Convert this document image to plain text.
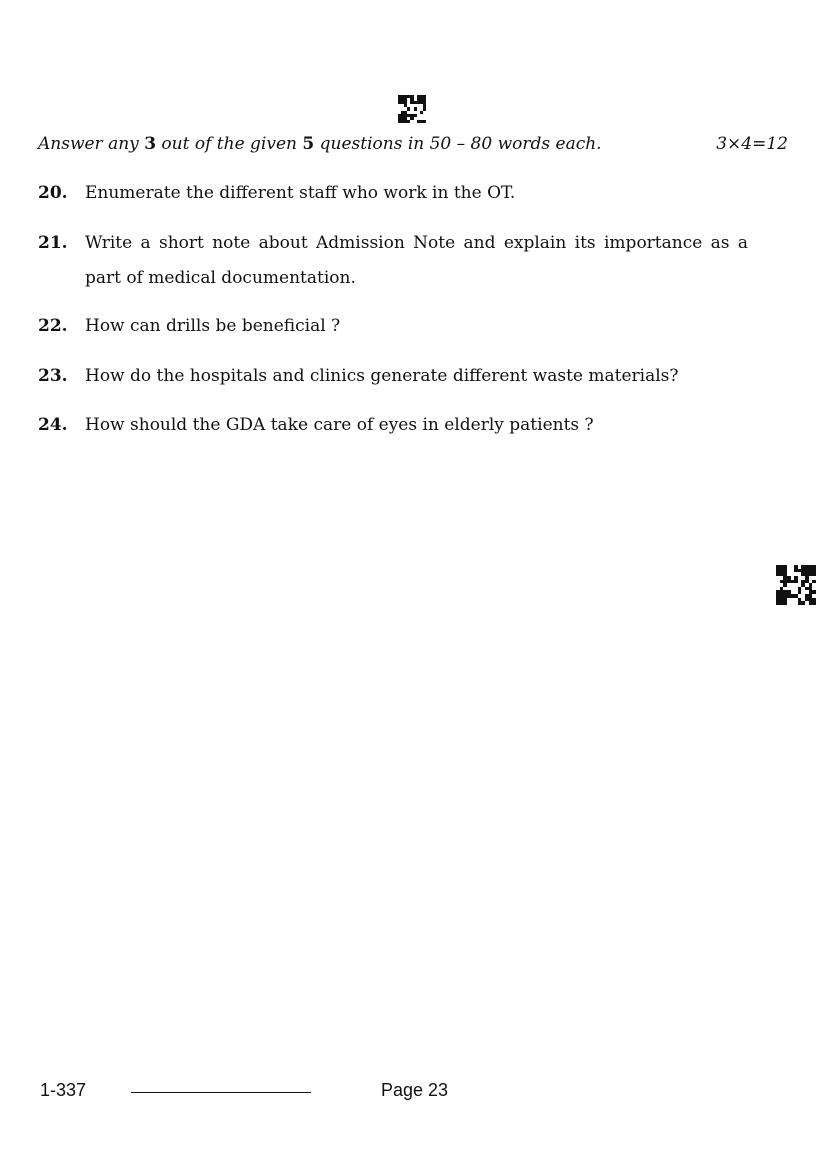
Answer any 3 out of the given 5 questions in 50 – 80 words each.	3×4=12
20. Enumerate the different staff who work in the OT.
21. Write a short note about Admission Note and explain its importance as a part of medical documentation.
22. How can drills be beneficial ?
23. How do the hospitals and clinics generate different waste materials?
24. How should the GDA take care of eyes in elderly patients ?
1-337	Page 23
